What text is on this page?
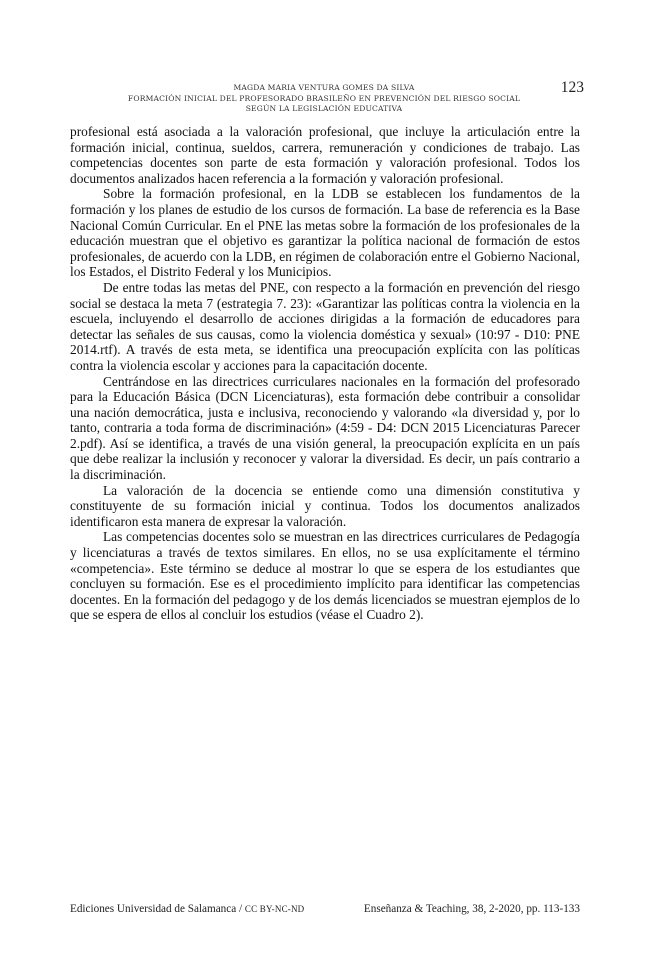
MAGDA MARIA VENTURA GOMES DA SILVA
FORMACIÓN INICIAL DEL PROFESORADO BRASILEÑO EN PREVENCIÓN DEL RIESGO SOCIAL
SEGÚN LA LEGISLACIÓN EDUCATIVA
123

profesional está asociada a la valoración profesional, que incluye la articulación entre la formación inicial, continua, sueldos, carrera, remuneración y condiciones de trabajo. Las competencias docentes son parte de esta formación y valoración profesional. Todos los documentos analizados hacen referencia a la formación y valoración profesional.

Sobre la formación profesional, en la LDB se establecen los fundamentos de la formación y los planes de estudio de los cursos de formación. La base de referencia es la Base Nacional Común Curricular. En el PNE las metas sobre la formación de los profesionales de la educación muestran que el objetivo es garantizar la política nacional de formación de estos profesionales, de acuerdo con la LDB, en régimen de colaboración entre el Gobierno Nacional, los Estados, el Distrito Federal y los Municipios.

De entre todas las metas del PNE, con respecto a la formación en prevención del riesgo social se destaca la meta 7 (estrategia 7. 23): «Garantizar las políticas contra la violencia en la escuela, incluyendo el desarrollo de acciones dirigidas a la formación de educadores para detectar las señales de sus causas, como la violencia doméstica y sexual» (10:97 - D10: PNE 2014.rtf). A través de esta meta, se identifica una preocupación explícita con las políticas contra la violencia escolar y acciones para la capacitación docente.

Centrándose en las directrices curriculares nacionales en la formación del profesorado para la Educación Básica (DCN Licenciaturas), esta formación debe contribuir a consolidar una nación democrática, justa e inclusiva, reconociendo y valorando «la diversidad y, por lo tanto, contraria a toda forma de discriminación» (4:59 - D4: DCN 2015 Licenciaturas Parecer 2.pdf). Así se identifica, a través de una visión general, la preocupación explícita en un país que debe realizar la inclusión y reconocer y valorar la diversidad. Es decir, un país contrario a la discriminación.

La valoración de la docencia se entiende como una dimensión constitutiva y constituyente de su formación inicial y continua. Todos los documentos analizados identificaron esta manera de expresar la valoración.

Las competencias docentes solo se muestran en las directrices curriculares de Pedagogía y licenciaturas a través de textos similares. En ellos, no se usa explícitamente el término «competencia». Este término se deduce al mostrar lo que se espera de los estudiantes que concluyen su formación. Ese es el procedimiento implícito para identificar las competencias docentes. En la formación del pedagogo y de los demás licenciados se muestran ejemplos de lo que se espera de ellos al concluir los estudios (véase el Cuadro 2).

Ediciones Universidad de Salamanca / CC BY-NC-ND	Enseñanza & Teaching, 38, 2-2020, pp. 113-133
